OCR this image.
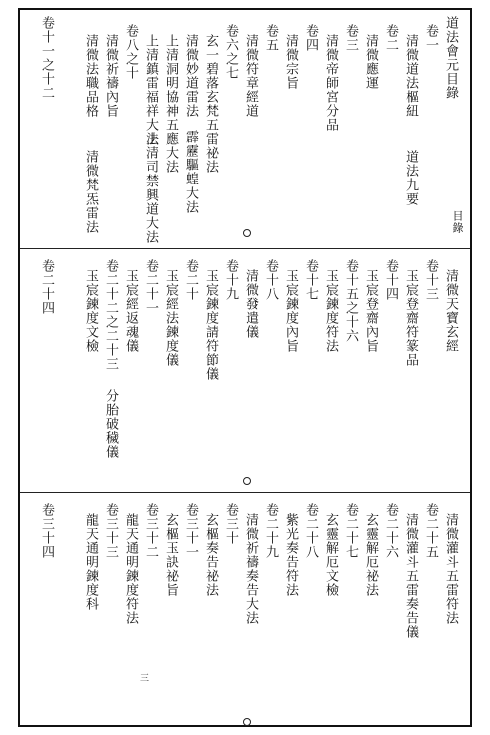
道法會元目錄
卷一
清微道法樞紐
卷二
清微應運
卷三
清微帝師宮分品
卷四
清微宗旨
卷五
清微符章經道
卷六之七
玄一碧落玄梵五雷祕法
清微妙道雷法
上清洞明協神五應大法
上清鎮雷福祥大法
卷八之十
清微祈禱內旨
清微法職品格
卷十一之十二
道法九要
霹靂驅蝗大法
上清司禁興道大法
清微梵炁雷法	目錄
清微天寶玄經
卷十三
玉宸登齋符篆品
卷十四
玉宸登齋內旨
卷十五之十六
玉宸鍊度符法
卷十七
玉宸鍊度內旨
卷十八
清微發遣儀
卷十九
玉宸鍊度請符節儀
卷二十
玉宸經法鍊度儀
卷二十一
玉宸經返魂儀
卷二十二之二十三
玉宸鍊度文檢
卷二十四
分胎破穢儀
清微灌斗五雷符法
卷二十五
清微灌斗五雷奏告儀
卷二十六
玄靈解厄祕法
卷二十七
玄靈解厄文檢
卷二十八
紫光奏告符法
卷二十九
清微祈禱奏告大法
卷三十
玄樞奏告祕法
卷三十一
玄樞玉訣祕旨
卷三十二
龍天通明鍊度符法
卷三十三
龍天通明鍊度科
卷三十四
三
